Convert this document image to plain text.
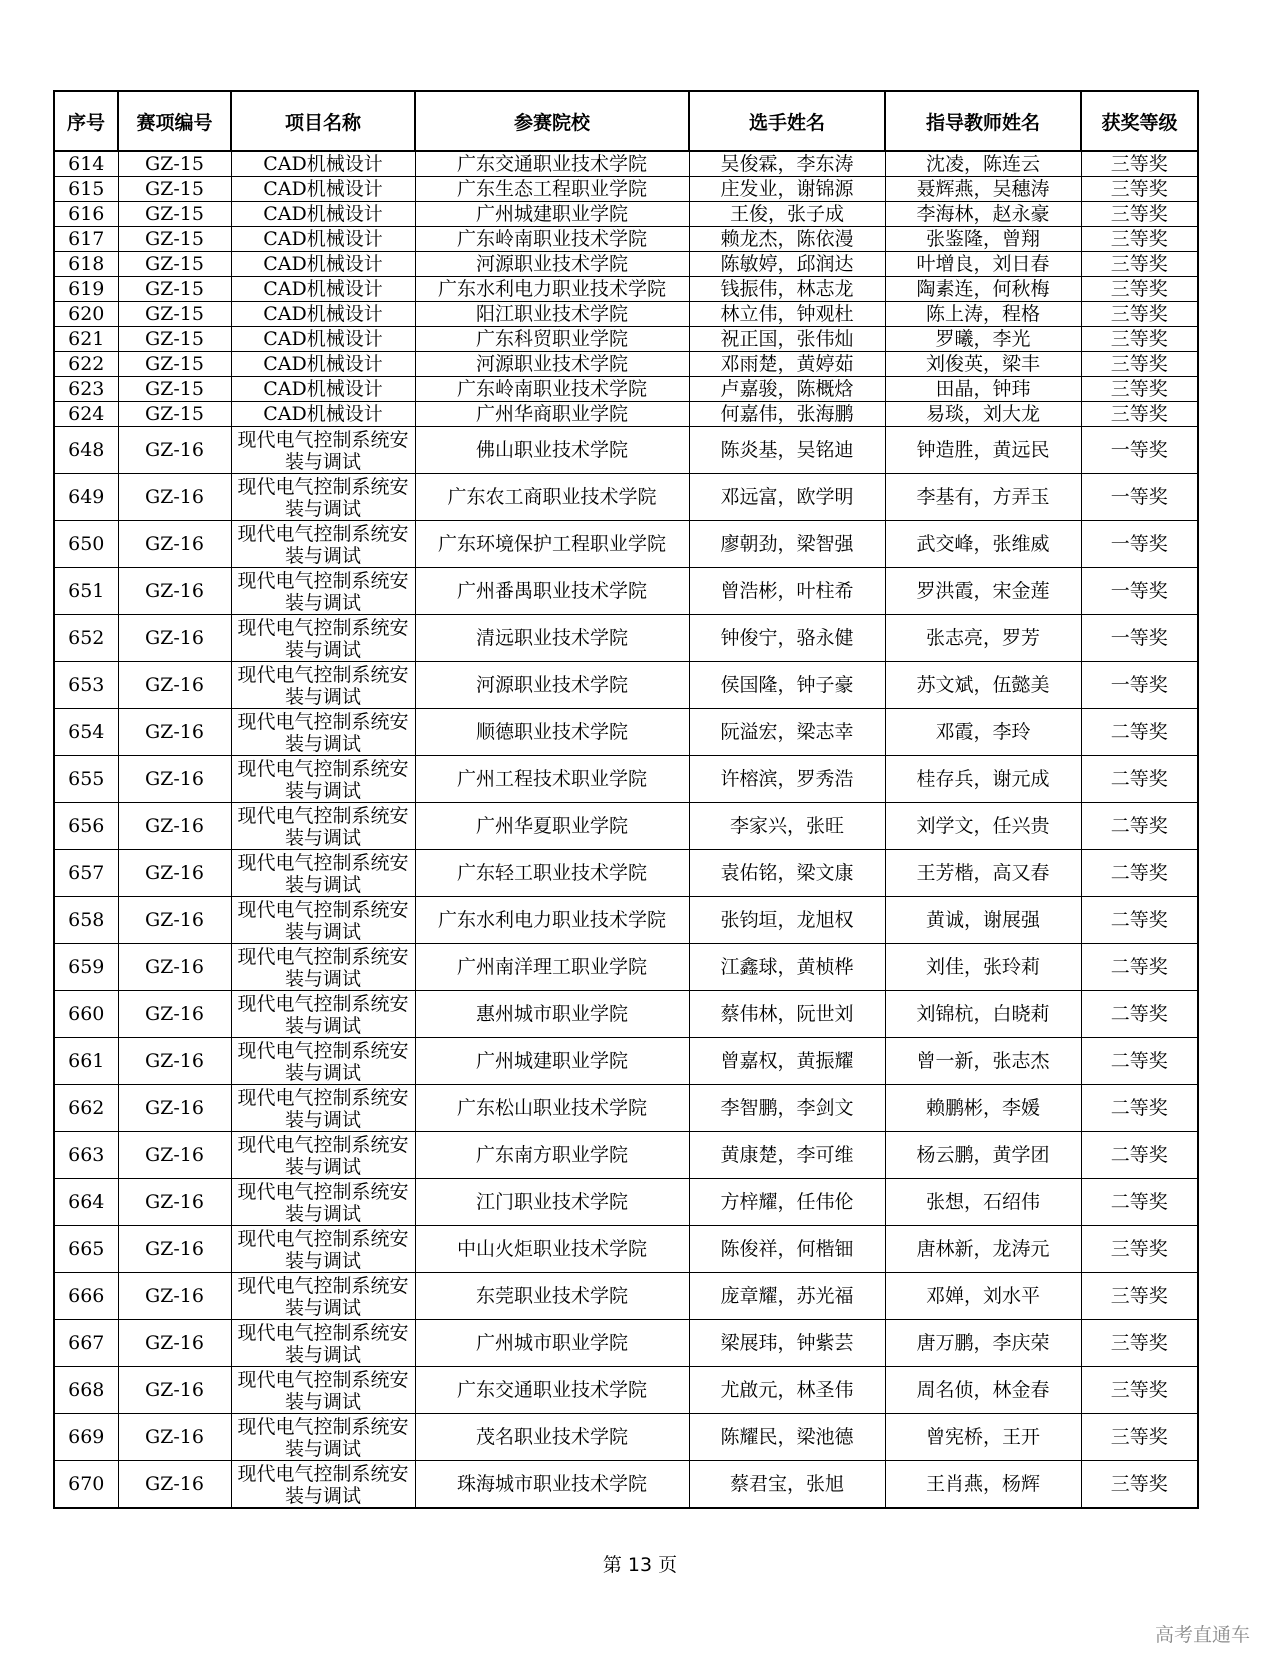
序号	赛项编号	项目名称	参赛院校	选手姓名	指导教师姓名	获奖等级
614	GZ-15	CAD机械设计	广东交通职业技术学院	吴俊霖，李东涛	沈凌，陈连云	三等奖
615	GZ-15	CAD机械设计	广东生态工程职业学院	庄发业，谢锦源	聂辉燕，吴穗涛	三等奖
616	GZ-15	CAD机械设计	广州城建职业学院	王俊，张子成	李海林，赵永豪	三等奖
617	GZ-15	CAD机械设计	广东岭南职业技术学院	赖龙杰，陈依漫	张鉴隆，曾翔	三等奖
618	GZ-15	CAD机械设计	河源职业技术学院	陈敏婷，邱润达	叶增良，刘日春	三等奖
619	GZ-15	CAD机械设计	广东水利电力职业技术学院	钱振伟，林志龙	陶素连，何秋梅	三等奖
620	GZ-15	CAD机械设计	阳江职业技术学院	林立伟，钟观杜	陈上涛，程格	三等奖
621	GZ-15	CAD机械设计	广东科贸职业学院	祝正国，张伟灿	罗曦，李光	三等奖
622	GZ-15	CAD机械设计	河源职业技术学院	邓雨楚，黄婷茹	刘俊英，梁丰	三等奖
623	GZ-15	CAD机械设计	广东岭南职业技术学院	卢嘉骏，陈概焓	田晶，钟玮	三等奖
624	GZ-15	CAD机械设计	广州华商职业学院	何嘉伟，张海鹏	易琰，刘大龙	三等奖
648	GZ-16	现代电气控制系统安装与调试	佛山职业技术学院	陈炎基，吴铭迪	钟造胜，黄远民	一等奖
649	GZ-16	现代电气控制系统安装与调试	广东农工商职业技术学院	邓远富，欧学明	李基有，方弄玉	一等奖
650	GZ-16	现代电气控制系统安装与调试	广东环境保护工程职业学院	廖朝劲，梁智强	武交峰，张维威	一等奖
651	GZ-16	现代电气控制系统安装与调试	广州番禺职业技术学院	曾浩彬，叶柱希	罗洪霞，宋金莲	一等奖
652	GZ-16	现代电气控制系统安装与调试	清远职业技术学院	钟俊宁，骆永健	张志亮，罗芳	一等奖
653	GZ-16	现代电气控制系统安装与调试	河源职业技术学院	侯国隆，钟子豪	苏文斌，伍懿美	一等奖
654	GZ-16	现代电气控制系统安装与调试	顺德职业技术学院	阮溢宏，梁志幸	邓霞，李玲	二等奖
655	GZ-16	现代电气控制系统安装与调试	广州工程技术职业学院	许榕滨，罗秀浩	桂存兵，谢元成	二等奖
656	GZ-16	现代电气控制系统安装与调试	广州华夏职业学院	李家兴，张旺	刘学文，任兴贵	二等奖
657	GZ-16	现代电气控制系统安装与调试	广东轻工职业技术学院	袁佑铭，梁文康	王芳楷，高又春	二等奖
658	GZ-16	现代电气控制系统安装与调试	广东水利电力职业技术学院	张钧垣，龙旭权	黄诚，谢展强	二等奖
659	GZ-16	现代电气控制系统安装与调试	广州南洋理工职业学院	江鑫球，黄桢桦	刘佳，张玲莉	二等奖
660	GZ-16	现代电气控制系统安装与调试	惠州城市职业学院	蔡伟林，阮世刘	刘锦杭，白晓莉	二等奖
661	GZ-16	现代电气控制系统安装与调试	广州城建职业学院	曾嘉权，黄振耀	曾一新，张志杰	二等奖
662	GZ-16	现代电气控制系统安装与调试	广东松山职业技术学院	李智鹏，李剑文	赖鹏彬，李媛	二等奖
663	GZ-16	现代电气控制系统安装与调试	广东南方职业学院	黄康楚，李可维	杨云鹏，黄学团	二等奖
664	GZ-16	现代电气控制系统安装与调试	江门职业技术学院	方梓耀，任伟伦	张想，石绍伟	二等奖
665	GZ-16	现代电气控制系统安装与调试	中山火炬职业技术学院	陈俊祥，何楷钿	唐林新，龙涛元	三等奖
666	GZ-16	现代电气控制系统安装与调试	东莞职业技术学院	庞章耀，苏光福	邓婵，刘水平	三等奖
667	GZ-16	现代电气控制系统安装与调试	广州城市职业学院	梁展玮，钟紫芸	唐万鹏，李庆荣	三等奖
668	GZ-16	现代电气控制系统安装与调试	广东交通职业技术学院	尤啟元，林圣伟	周名侦，林金春	三等奖
669	GZ-16	现代电气控制系统安装与调试	茂名职业技术学院	陈耀民，梁池德	曾宪桥，王开	三等奖
670	GZ-16	现代电气控制系统安装与调试	珠海城市职业技术学院	蔡君宝，张旭	王肖燕，杨辉	三等奖
第 13 页
高考直通车
